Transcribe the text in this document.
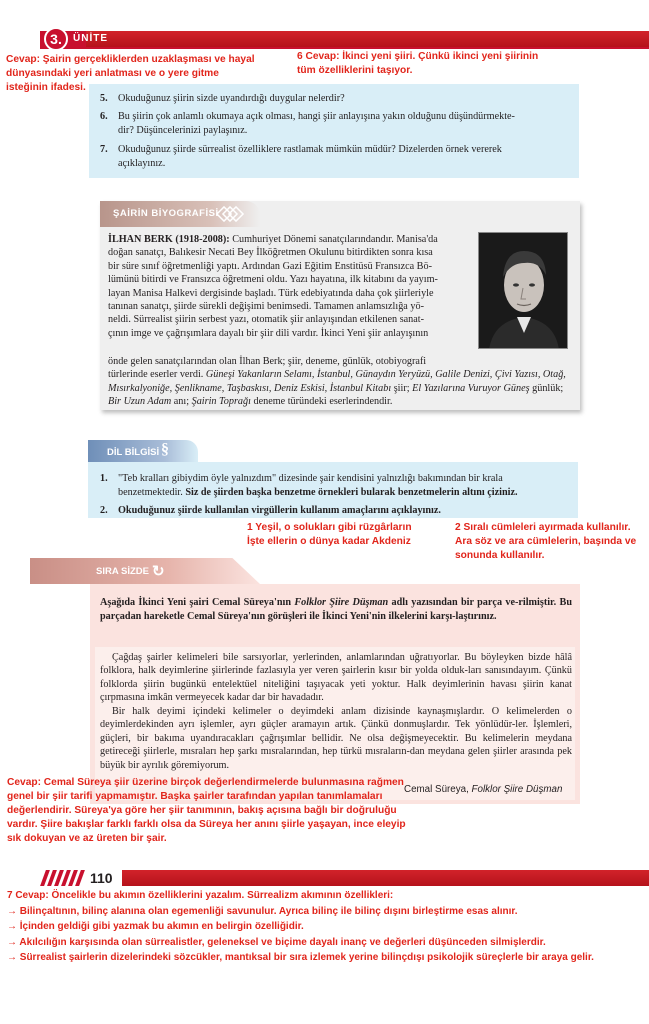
3.	ÜNİTE
Cevap: Şairin gerçekliklerden uzaklaşması ve hayal
dünyasındaki yeri anlatması ve o yere gitme
isteğinin ifadesi.
6 Cevap: İkinci yeni şiiri. Çünkü ikinci yeni şiirinin
tüm özelliklerini taşıyor.
5. Okuduğunuz şiirin sizde uyandırdığı duygular nelerdir?
6. Bu şiirin çok anlamlı okumaya açık olması, hangi şiir anlayışına yakın olduğunu düşündürmekte-
dir? Düşüncelerinizi paylaşınız.
7. Okuduğunuz şiirde sürrealist özelliklere rastlamak mümkün müdür? Dizelerden örnek vererek
açıklayınız.
ŞAİRİN BİYOGRAFİSİ
İLHAN BERK (1918-2008): Cumhuriyet Dönemi sanatçılarındandır. Manisa'da
doğan sanatçı, Balıkesir Necati Bey İlköğretmen Okulunu bitirdikten sonra kısa
bir süre sınıf öğretmenliği yaptı. Ardından Gazi Eğitim Enstitüsü Fransızca Bö-
lümünü bitirdi ve Fransızca öğretmeni oldu. Yazı hayatına, ilk kitabını da yayım-
layan Manisa Halkevi dergisinde başladı. Türk edebiyatında daha çok şiirleriyle
tanınan sanatçı, şiirde sürekli değişimi benimsedi. Tamamen anlamsızlığa yö-
neldi. Sürrealist şiirin serbest yazı, otomatik şiir anlayışından etkilenen sanat-
çının imge ve çağrışımlara dayalı bir şiir dili vardır. İkinci Yeni şiir anlayışının
önde gelen sanatçılarından olan İlhan Berk; şiir, deneme, günlük, otobiyografi
türlerinde eserler verdi. Güneşi Yakanların Selamı, İstanbul, Günaydın Yeryüzü, Galile Denizi, Çivi Yazısı, Otağ, Mısırkalyoniğe, Şenlikname, Taşbaskısı, Deniz Eskisi, İstanbul Kitabı şiir; El Yazılarına Vuruyor Güneş günlük; Bir Uzun Adam anı; Şairin Toprağı deneme türündeki eserlerindendir.
DİL BİLGİSİ §
1. "Teb kralları gibiydim öyle yalnızdım" dizesinde şair kendisini yalnızlığı bakımından bir krala
benzetmektedir. Siz de şiirden başka benzetme örnekleri bularak benzetmelerin altını çiziniz.
2. Okuduğunuz şiirde kullanılan virgüllerin kullanım amaçlarını açıklayınız.
1 Yeşil, o solukları gibi rüzgârların
İşte ellerin o dünya kadar Akdeniz
2 Sıralı cümleleri ayırmada kullanılır.
Ara söz ve ara cümlelerin, başında ve
sonunda kullanılır.
SIRA SİZDE ↻
Aşağıda İkinci Yeni şairi Cemal Süreya'nın Folklor Şiire Düşman adlı yazısından bir parça ve-rilmiştir. Bu parçadan hareketle Cemal Süreya'nın görüşleri ile İkinci Yeni'nin ilkelerini karşı-laştırınız.
Çağdaş şairler kelimeleri bile sarsıyorlar, yerlerinden, anlamlarından uğratıyorlar. Bu böyleyken bizde hâlâ folklora, halk deyimlerine şiirlerinde fazlasıyla yer veren şairlerin kısır bir yolda olduk-ları sanısındayım. Çünkü folklorda şiirin bugünkü entelektüel niteliğini taşıyacak yeti yoktur. Halk deyimlerinin havası şiirin kanat çırpmasına imkân vermeyecek kadar dar bir havadadır.
Bir halk deyimi içindeki kelimeler o deyimdeki anlam dizisinde kaynaşmışlardır. O kelimelerden o deyimlerdekinden ayrı işlemler, ayrı güçler aramayın artık. Çünkü donmuşlardır. Tek yönlüdür-ler. İşlemleri, güçleri, bir bakıma uyandıracakları çağrışımlar bellidir. Ne olsa değişmeyecektir. Bu kelimelerin meydana getireceği şiirlerle, mısraları hep şarkı mısralarından, hep türkü mısraların-dan meydana gelen şiirler arasında pek büyük bir ayrılık göremiyorum.
Cemal Süreya, Folklor Şiire Düşman
Cevap: Cemal Süreya şiir üzerine birçok değerlendirmelerde bulunmasına rağmen
genel bir şiir tarifi yapmamıştır. Başka şairler tarafından yapılan tanımlamaları
değerlendirir. Süreya'ya göre her şiir tanımının, bakış açısına bağlı bir doğruluğu
vardır. Şiire bakışlar farklı farklı olsa da Süreya her anını şiirle yaşayan, ince eleyip
sık dokuyan ve az üreten bir şair.
110
7 Cevap: Öncelikle bu akımın özelliklerini yazalım. Sürrealizm akımının özellikleri:
→ Bilinçaltının, bilinç alanına olan egemenliği savunulur. Ayrıca bilinç ile bilinç dışını birleştirme esas alınır.
→ İçinden geldiği gibi yazmak bu akımın en belirgin özelliğidir.
→ Akılcılığın karşısında olan sürrealistler, geleneksel ve biçime dayalı inanç ve değerleri düşünceden silmişlerdir.
→ Sürrealist şairlerin dizelerindeki sözcükler, mantıksal bir sıra izlemek yerine bilinçdışı psikolojik süreçlerle bir araya gelir.
